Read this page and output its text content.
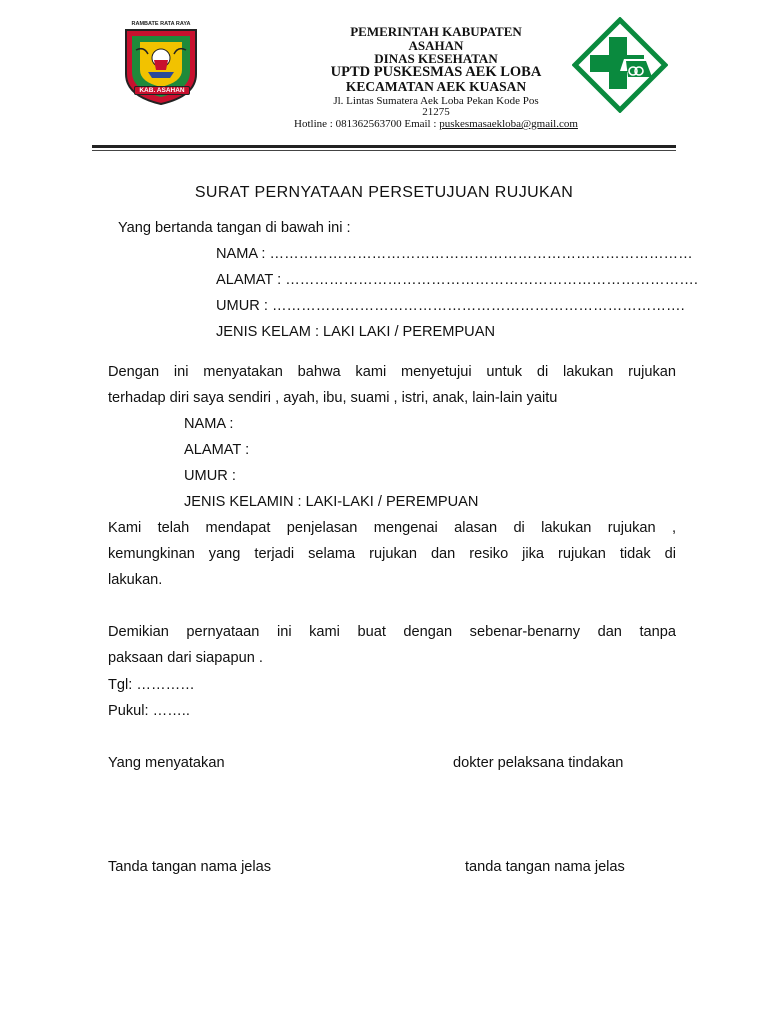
RAMBATE RATA RAYA
KAB. ASAHAN
PEMERINTAH KABUPATEN
ASAHAN
DINAS KESEHATAN
UPTD PUSKESMAS AEK LOBA
KECAMATAN AEK KUASAN
Jl. Lintas Sumatera Aek Loba Pekan Kode Pos
21275
Hotline : 081362563700 Email : puskesmasaekloba@gmail.com
SURAT PERNYATAAN PERSETUJUAN RUJUKAN
Yang bertanda tangan di bawah ini :
NAMA : ……………………………………………………………………………
ALAMAT : ………………………………………………………………………….
UMUR : ………………………………………………………………………….
JENIS KELAM : LAKI LAKI / PEREMPUAN
Dengan ini menyatakan bahwa kami menyetujui untuk di lakukan rujukan
terhadap diri saya sendiri , ayah, ibu, suami , istri, anak, lain-lain yaitu
NAMA :
ALAMAT :
UMUR :
JENIS KELAMIN : LAKI-LAKI / PEREMPUAN
Kami telah mendapat penjelasan mengenai alasan di lakukan rujukan ,
kemungkinan yang terjadi selama rujukan dan resiko jika rujukan tidak di
lakukan.
Demikian pernyataan ini kami buat dengan sebenar-benarny dan tanpa
paksaan dari siapapun .
Tgl: …………
Pukul: ……..
Yang menyatakan	dokter pelaksana tindakan
Tanda tangan nama jelas	tanda tangan nama jelas
